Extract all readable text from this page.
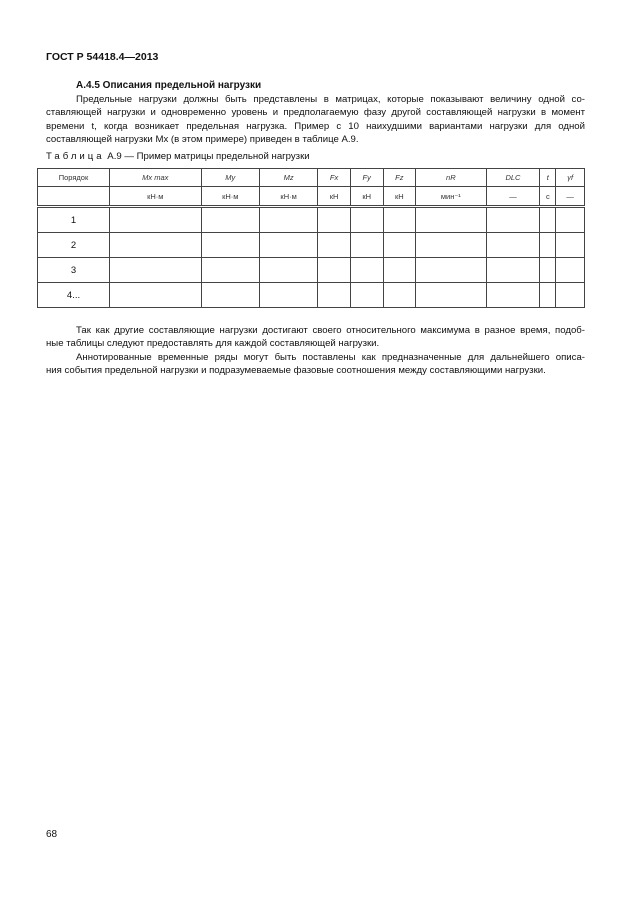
ГОСТ Р 54418.4—2013
А.4.5 Описания предельной нагрузки
Предельные нагрузки должны быть представлены в матрицах, которые показывают величину одной со-
ставляющей нагрузки и одновременно уровень и предполагаемую фазу другой составляющей нагрузки в момент
времени t, когда возникает предельная нагрузка. Пример с 10 наихудшими вариантами нагрузки для одной
составляющей нагрузки Mx (в этом примере) приведен в таблице А.9.
Таблица А.9 — Пример матрицы предельной нагрузки
Порядок	Mx max	My	Mz	Fx	Fy	Fz	nR	DLC	t	γf
	кН·м	кН·м	кН·м	кН	кН	кН	мин⁻¹	—	с	—
1										
2										
3										
4...										
Так как другие составляющие нагрузки достигают своего относительного максимума в разное время, подоб-
ные таблицы следуют предоставлять для каждой составляющей нагрузки.
Аннотированные временные ряды могут быть поставлены как предназначенные для дальнейшего описа-
ния события предельной нагрузки и подразумеваемые фазовые соотношения между составляющими нагрузки.
68
